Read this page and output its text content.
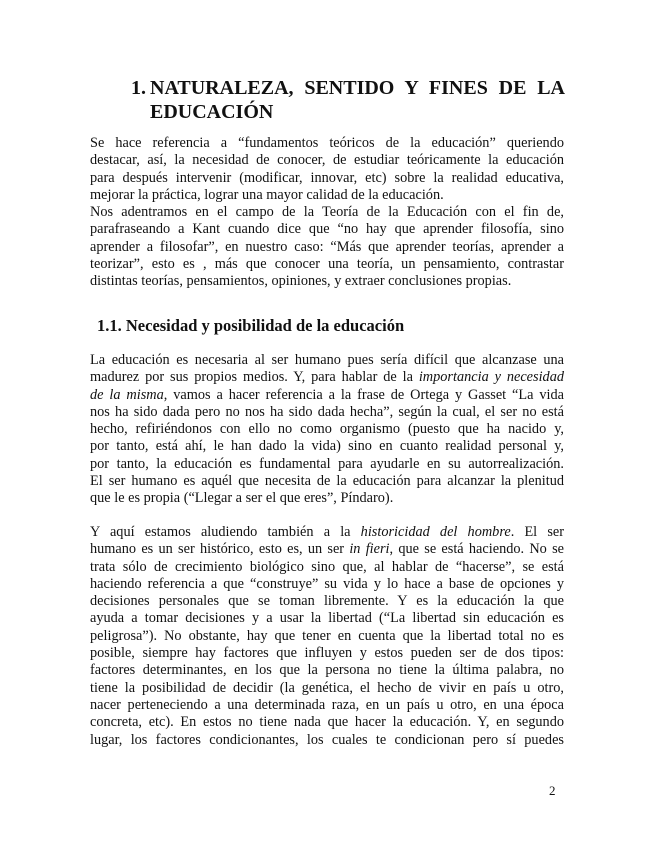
1. NATURALEZA, SENTIDO Y FINES DE LA
EDUCACIÓN
Se hace referencia a “fundamentos teóricos de la educación” queriendo
destacar, así, la necesidad de conocer, de estudiar teóricamente la educación
para después intervenir (modificar, innovar, etc) sobre la realidad educativa,
mejorar la práctica, lograr una mayor calidad de la educación.
Nos adentramos en el campo de la Teoría de la Educación con el fin de,
parafraseando a Kant cuando dice que “no hay que aprender filosofía, sino
aprender a filosofar”, en nuestro caso: “Más que aprender teorías, aprender a
teorizar”, esto es , más que conocer una teoría, un pensamiento, contrastar
distintas teorías, pensamientos, opiniones, y extraer conclusiones propias.
1.1. Necesidad y posibilidad de la educación
La educación es necesaria al ser humano pues sería difícil que alcanzase una
madurez por sus propios medios. Y, para hablar de la importancia y necesidad
de la misma, vamos a hacer referencia a la frase de Ortega y Gasset “La vida
nos ha sido dada pero no nos ha sido dada hecha”, según la cual, el ser no está
hecho, refiriéndonos con ello no como organismo (puesto que ha nacido y,
por tanto, está ahí, le han dado la vida) sino en cuanto realidad personal y,
por tanto, la educación es fundamental para ayudarle en su autorrealización.
El ser humano es aquél que necesita de la educación para alcanzar la plenitud
que le es propia (“Llegar a ser el que eres”, Píndaro).
Y aquí estamos aludiendo también a la historicidad del hombre. El ser
humano es un ser histórico, esto es, un ser in fieri, que se está haciendo. No se
trata sólo de crecimiento biológico sino que, al hablar de “hacerse”, se está
haciendo referencia a que “construye” su vida y lo hace a base de opciones y
decisiones personales que se toman libremente. Y es la educación la que
ayuda a tomar decisiones y a usar la libertad (“La libertad sin educación es
peligrosa”). No obstante, hay que tener en cuenta que la libertad total no es
posible, siempre hay factores que influyen y estos pueden ser de dos tipos:
factores determinantes, en los que la persona no tiene la última palabra, no
tiene la posibilidad de decidir (la genética, el hecho de vivir en país u otro,
nacer perteneciendo a una determinada raza, en un país u otro, en una época
concreta, etc). En estos no tiene nada que hacer la educación. Y, en segundo
lugar, los factores condicionantes, los cuales te condicionan pero sí puedes
2
